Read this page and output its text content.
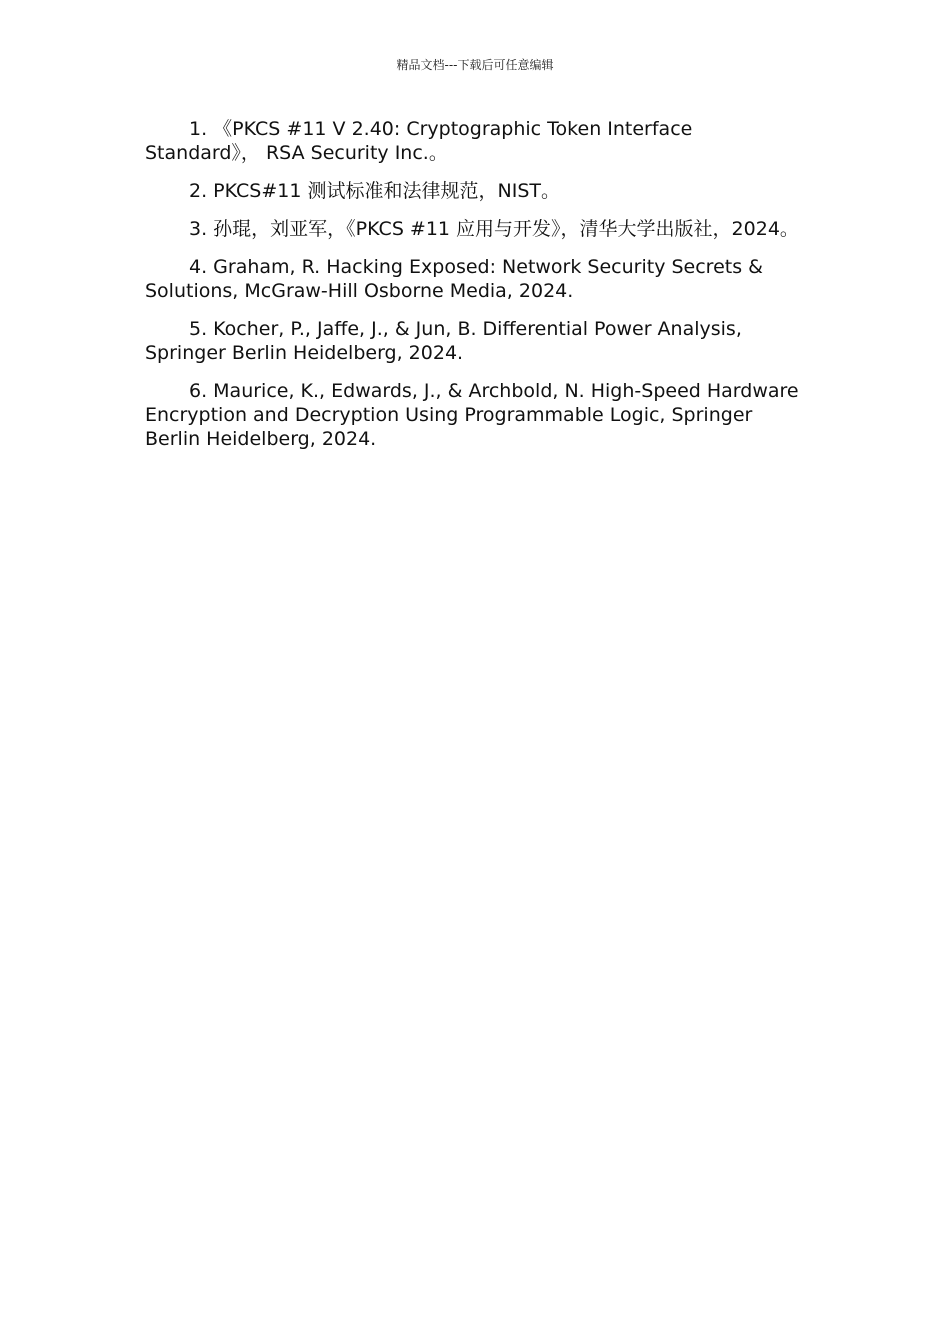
精品文档---下载后可任意编辑

1. 《PKCS #11 V 2.40: Cryptographic Token Interface Standard》， RSA Security Inc.。

2. PKCS#11 测试标准和法律规范，NIST。

3. 孙琨，刘亚军，《PKCS #11 应用与开发》，清华大学出版社，2024。

4. Graham, R. Hacking Exposed: Network Security Secrets & Solutions, McGraw-Hill Osborne Media, 2024.

5. Kocher, P., Jaffe, J., & Jun, B. Differential Power Analysis, Springer Berlin Heidelberg, 2024.

6. Maurice, K., Edwards, J., & Archbold, N. High-Speed Hardware Encryption and Decryption Using Programmable Logic, Springer Berlin Heidelberg, 2024.
